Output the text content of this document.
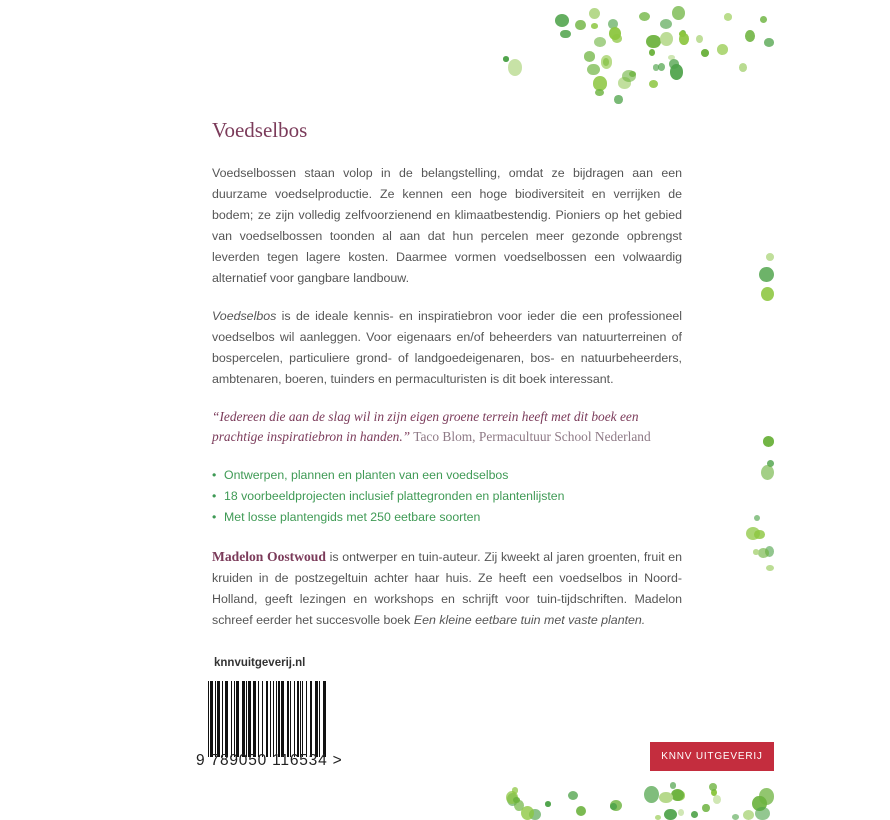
Voedselbos

Voedselbossen staan volop in de belangstelling, omdat ze bijdragen aan een duurzame voedselproductie. Ze kennen een hoge biodiversiteit en verrijken de bodem; ze zijn volledig zelfvoorzienend en klimaatbestendig. Pioniers op het gebied van voedselbossen toonden al aan dat hun percelen meer gezonde opbrengst leverden tegen lagere kosten. Daarmee vormen voedselbossen een volwaardig alternatief voor gangbare landbouw.

Voedselbos is de ideale kennis- en inspiratiebron voor ieder die een professioneel voedselbos wil aanleggen. Voor eigenaars en/of beheerders van natuurterreinen of bospercelen, particuliere grond- of landgoedeigenaren, bos- en natuurbeheerders, ambtenaren, boeren, tuinders en permaculturisten is dit boek interessant.

“Iedereen die aan de slag wil in zijn eigen groene terrein heeft met dit boek een prachtige inspiratiebron in handen.” Taco Blom, Permacultuur School Nederland

• Ontwerpen, plannen en planten van een voedselbos
• 18 voorbeeldprojecten inclusief plattegronden en plantenlijsten
• Met losse plantengids met 250 eetbare soorten

Madelon Oostwoud is ontwerper en tuin-auteur. Zij kweekt al jaren groenten, fruit en kruiden in de postzegeltuin achter haar huis. Ze heeft een voedselbos in Noord-Holland, geeft lezingen en workshops en schrijft voor tuin-tijdschriften. Madelon schreef eerder het succesvolle boek Een kleine eetbare tuin met vaste planten.

knnvuitgeverij.nl
9 789050 116534 >	KNNV UITGEVERIJ
